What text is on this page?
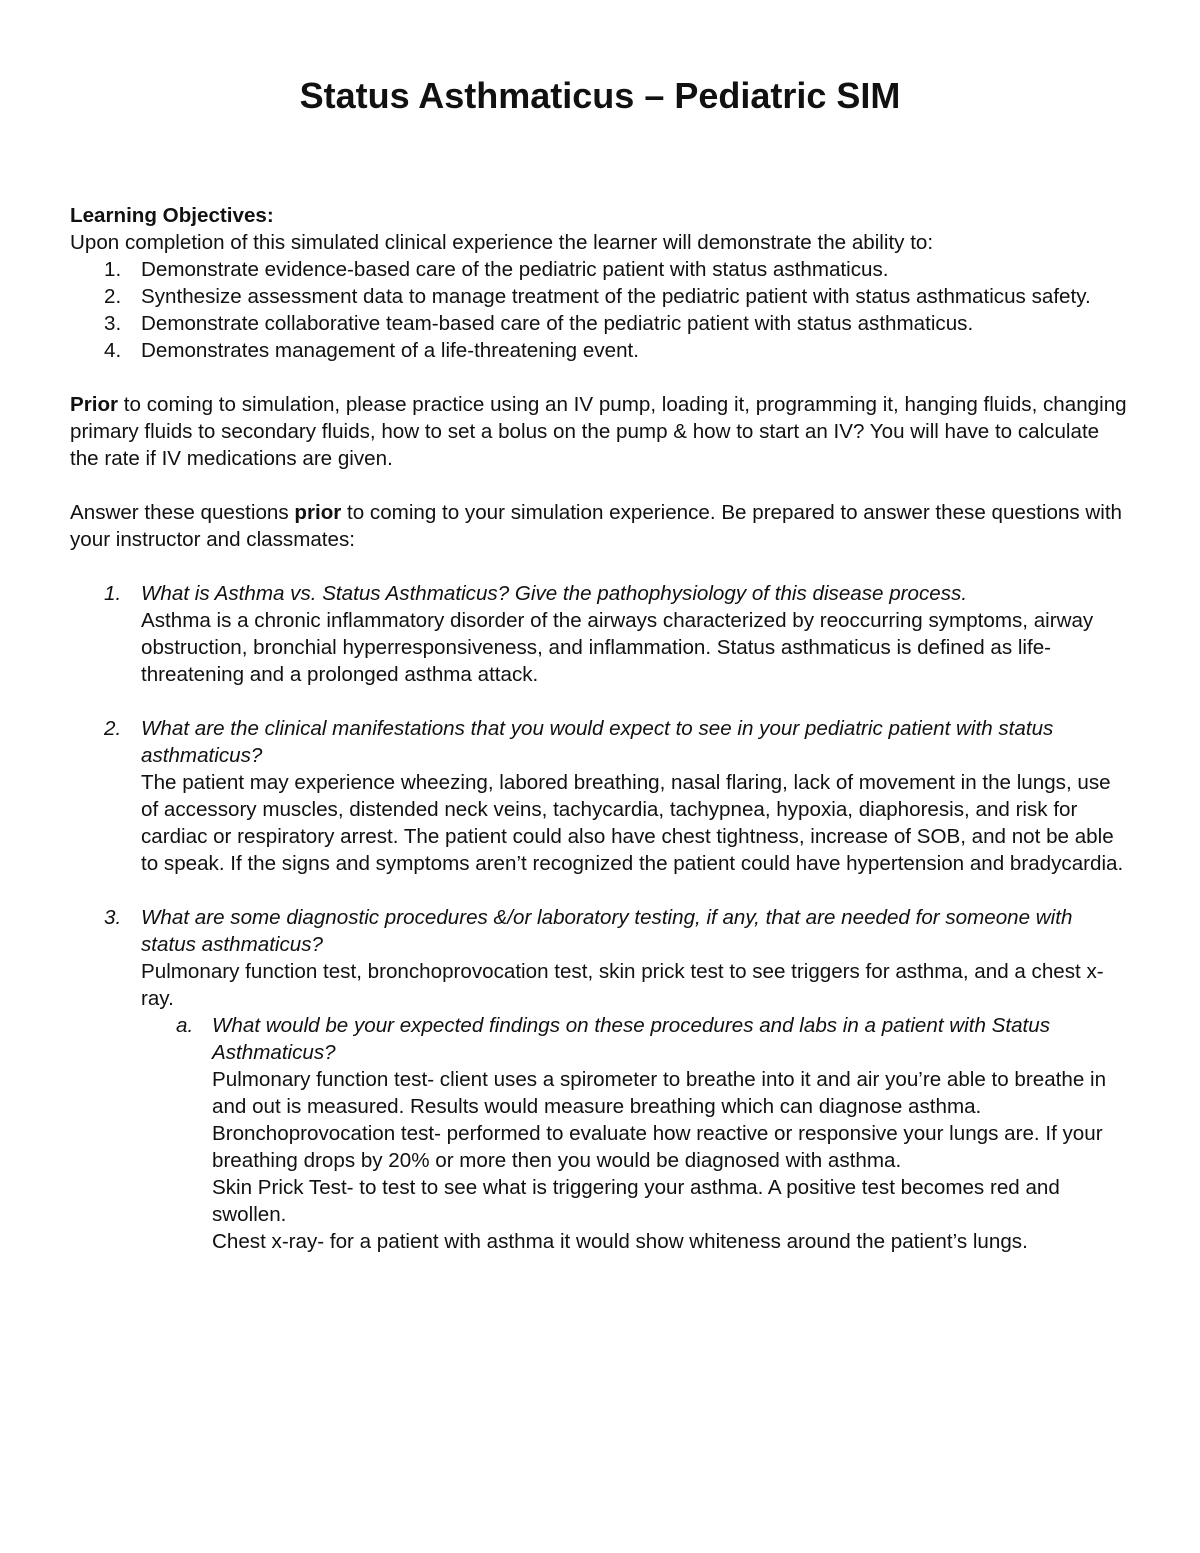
Status Asthmaticus – Pediatric SIM

Learning Objectives:

Upon completion of this simulated clinical experience the learner will demonstrate the ability to:

1. Demonstrate evidence-based care of the pediatric patient with status asthmaticus.
2. Synthesize assessment data to manage treatment of the pediatric patient with status asthmaticus safety.
3. Demonstrate collaborative team-based care of the pediatric patient with status asthmaticus.
4. Demonstrates management of a life-threatening event.

Prior to coming to simulation, please practice using an IV pump, loading it, programming it, hanging fluids, changing primary fluids to secondary fluids, how to set a bolus on the pump & how to start an IV? You will have to calculate the rate if IV medications are given.

Answer these questions prior to coming to your simulation experience. Be prepared to answer these questions with your instructor and classmates:

1. What is Asthma vs. Status Asthmaticus? Give the pathophysiology of this disease process.

Asthma is a chronic inflammatory disorder of the airways characterized by reoccurring symptoms, airway obstruction, bronchial hyperresponsiveness, and inflammation. Status asthmaticus is defined as life-threatening and a prolonged asthma attack.

2. What are the clinical manifestations that you would expect to see in your pediatric patient with status asthmaticus?

The patient may experience wheezing, labored breathing, nasal flaring, lack of movement in the lungs, use of accessory muscles, distended neck veins, tachycardia, tachypnea, hypoxia, diaphoresis, and risk for cardiac or respiratory arrest. The patient could also have chest tightness, increase of SOB, and not be able to speak. If the signs and symptoms aren’t recognized the patient could have hypertension and bradycardia.

3. What are some diagnostic procedures &/or laboratory testing, if any, that are needed for someone with status asthmaticus?

Pulmonary function test, bronchoprovocation test, skin prick test to see triggers for asthma, and a chest x-ray.

a. What would be your expected findings on these procedures and labs in a patient with Status Asthmaticus?

Pulmonary function test- client uses a spirometer to breathe into it and air you’re able to breathe in and out is measured. Results would measure breathing which can diagnose asthma.

Bronchoprovocation test- performed to evaluate how reactive or responsive your lungs are. If your breathing drops by 20% or more then you would be diagnosed with asthma.

Skin Prick Test- to test to see what is triggering your asthma. A positive test becomes red and swollen.

Chest x-ray- for a patient with asthma it would show whiteness around the patient’s lungs.
